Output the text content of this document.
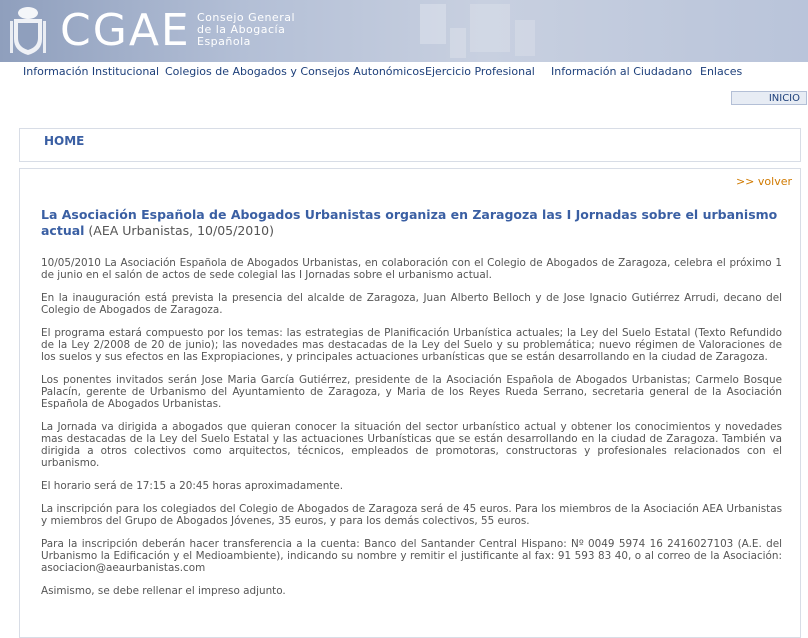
CGAE Consejo General
de la Abogacía
Española
Información Institucional Colegios de Abogados y Consejos Autonómicos Ejercicio Profesional Información al Ciudadano Enlaces
INICIO
HOME
>> volver

La Asociación Española de Abogados Urbanistas organiza en Zaragoza las I Jornadas sobre el urbanismo actual (AEA Urbanistas, 10/05/2010)

10/05/2010 La Asociación Española de Abogados Urbanistas, en colaboración con el Colegio de Abogados de Zaragoza, celebra el próximo 1 de junio en el salón de actos de sede colegial las I Jornadas sobre el urbanismo actual.

En la inauguración está prevista la presencia del alcalde de Zaragoza, Juan Alberto Belloch y de Jose Ignacio Gutiérrez Arrudi, decano del Colegio de Abogados de Zaragoza.

El programa estará compuesto por los temas: las estrategias de Planificación Urbanística actuales; la Ley del Suelo Estatal (Texto Refundido de la Ley 2/2008 de 20 de junio); las novedades mas destacadas de la Ley del Suelo y su problemática; nuevo régimen de Valoraciones de los suelos y sus efectos en las Expropiaciones, y principales actuaciones urbanísticas que se están desarrollando en la ciudad de Zaragoza.

Los ponentes invitados serán Jose Maria García Gutiérrez, presidente de la Asociación Española de Abogados Urbanistas; Carmelo Bosque Palacín, gerente de Urbanismo del Ayuntamiento de Zaragoza, y Maria de los Reyes Rueda Serrano, secretaria general de la Asociación Española de Abogados Urbanistas.

La Jornada va dirigida a abogados que quieran conocer la situación del sector urbanístico actual y obtener los conocimientos y novedades mas destacadas de la Ley del Suelo Estatal y las actuaciones Urbanísticas que se están desarrollando en la ciudad de Zaragoza. También va dirigida a otros colectivos como arquitectos, técnicos, empleados de promotoras, constructoras y profesionales relacionados con el urbanismo.

El horario será de 17:15 a 20:45 horas aproximadamente.

La inscripción para los colegiados del Colegio de Abogados de Zaragoza será de 45 euros. Para los miembros de la Asociación AEA Urbanistas y miembros del Grupo de Abogados Jóvenes, 35 euros, y para los demás colectivos, 55 euros.

Para la inscripción deberán hacer transferencia a la cuenta: Banco del Santander Central Hispano: Nº 0049 5974 16 2416027103 (A.E. del Urbanismo la Edificación y el Medioambiente), indicando su nombre y remitir el justificante al fax: 91 593 83 40, o al correo de la Asociación: asociacion@aeaurbanistas.com

Asimismo, se debe rellenar el impreso adjunto.
